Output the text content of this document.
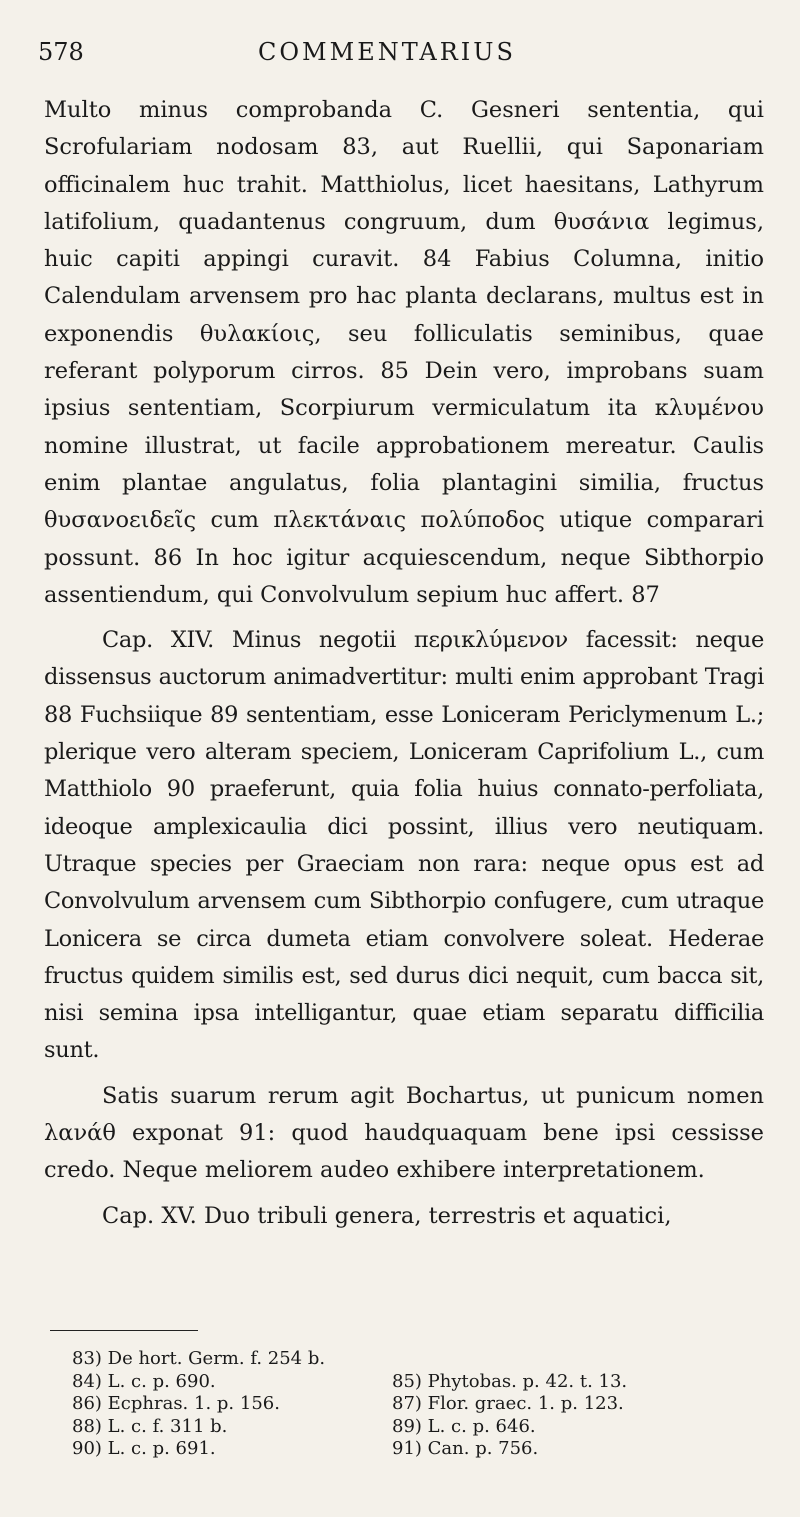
578	COMMENTARIUS

Multo minus comprobanda C. Gesneri sententia, qui Scrofulariam nodosam 83, aut Ruellii, qui Saponariam officinalem huc trahit. Matthiolus, licet haesitans, Lathyrum latifolium, quadantenus congruum, dum θυσάνια legimus, huic capiti appingi curavit. 84 Fabius Columna, initio Calendulam arvensem pro hac planta declarans, multus est in exponendis θυλακίοις, seu folliculatis seminibus, quae referant polyporum cirros. 85 Dein vero, improbans suam ipsius sententiam, Scorpiurum vermiculatum ita κλυμένου nomine illustrat, ut facile approbationem mereatur. Caulis enim plantae angulatus, folia plantagini similia, fructus θυσανοειδεῖς cum πλεκτάναις πολύποδος utique comparari possunt. 86 In hoc igitur acquiescendum, neque Sibthorpio assentiendum, qui Convolvulum sepium huc affert. 87

Cap. XIV. Minus negotii περικλύμενον facessit: neque dissensus auctorum animadvertitur: multi enim approbant Tragi 88 Fuchsiique 89 sententiam, esse Loniceram Periclymenum L.; plerique vero alteram speciem, Loniceram Caprifolium L., cum Matthiolo 90 praeferunt, quia folia huius connato-perfoliata, ideoque amplexicaulia dici possint, illius vero neutiquam. Utraque species per Graeciam non rara: neque opus est ad Convolvulum arvensem cum Sibthorpio confugere, cum utraque Lonicera se circa dumeta etiam convolvere soleat. Hederae fructus quidem similis est, sed durus dici nequit, cum bacca sit, nisi semina ipsa intelligantur, quae etiam separatu difficilia sunt.

Satis suarum rerum agit Bochartus, ut punicum nomen λανάθ exponat 91: quod haudquaquam bene ipsi cessisse credo. Neque meliorem audeo exhibere interpretationem.

Cap. XV. Duo tribuli genera, terrestris et aquatici,

83) De hort. Germ. f. 254 b.
84) L. c. p. 690.	85) Phytobas. p. 42. t. 13.
86) Ecphras. 1. p. 156.	87) Flor. graec. 1. p. 123.
88) L. c. f. 311 b.	89) L. c. p. 646.
90) L. c. p. 691.	91) Can. p. 756.
